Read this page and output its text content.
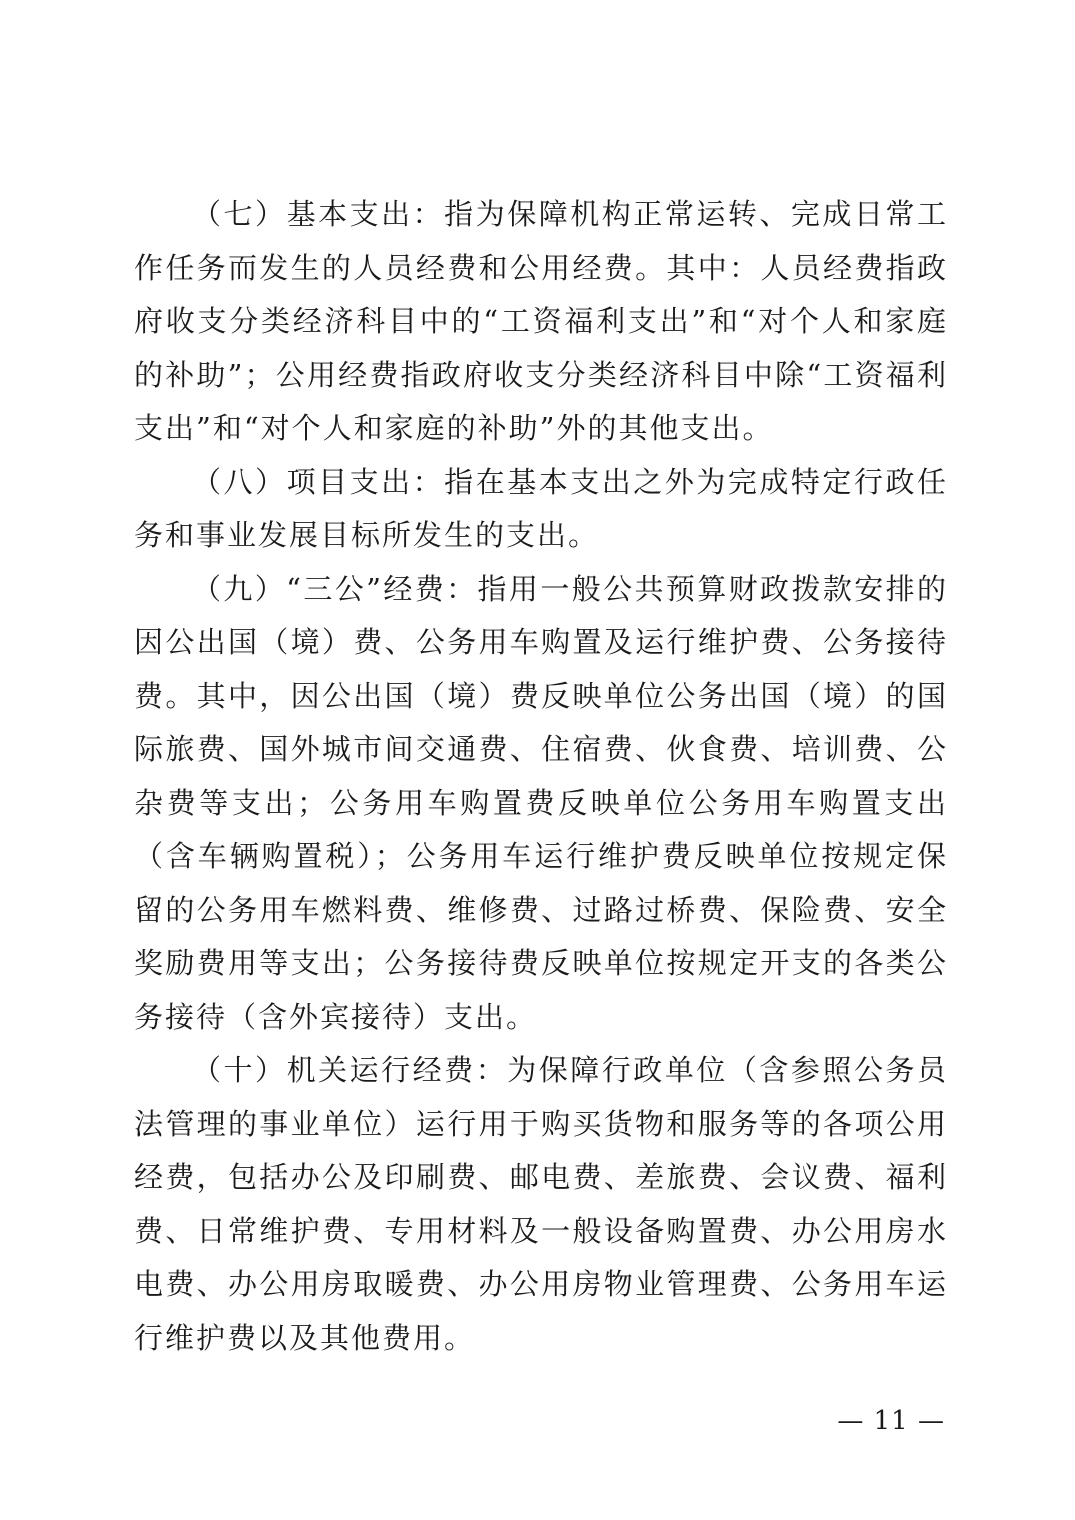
（七）基本支出：指为保障机构正常运转、完成日常工作任务而发生的人员经费和公用经费。其中：人员经费指政府收支分类经济科目中的“工资福利支出”和“对个人和家庭的补助”；公用经费指政府收支分类经济科目中除“工资福利支出”和“对个人和家庭的补助”外的其他支出。

（八）项目支出：指在基本支出之外为完成特定行政任务和事业发展目标所发生的支出。

（九）“三公”经费：指用一般公共预算财政拨款安排的因公出国（境）费、公务用车购置及运行维护费、公务接待费。其中，因公出国（境）费反映单位公务出国（境）的国际旅费、国外城市间交通费、住宿费、伙食费、培训费、公杂费等支出；公务用车购置费反映单位公务用车购置支出（含车辆购置税）；公务用车运行维护费反映单位按规定保留的公务用车燃料费、维修费、过路过桥费、保险费、安全奖励费用等支出；公务接待费反映单位按规定开支的各类公务接待（含外宾接待）支出。

（十）机关运行经费：为保障行政单位（含参照公务员法管理的事业单位）运行用于购买货物和服务等的各项公用经费，包括办公及印刷费、邮电费、差旅费、会议费、福利费、日常维护费、专用材料及一般设备购置费、办公用房水电费、办公用房取暖费、办公用房物业管理费、公务用车运行维护费以及其他费用。

— 11 —
